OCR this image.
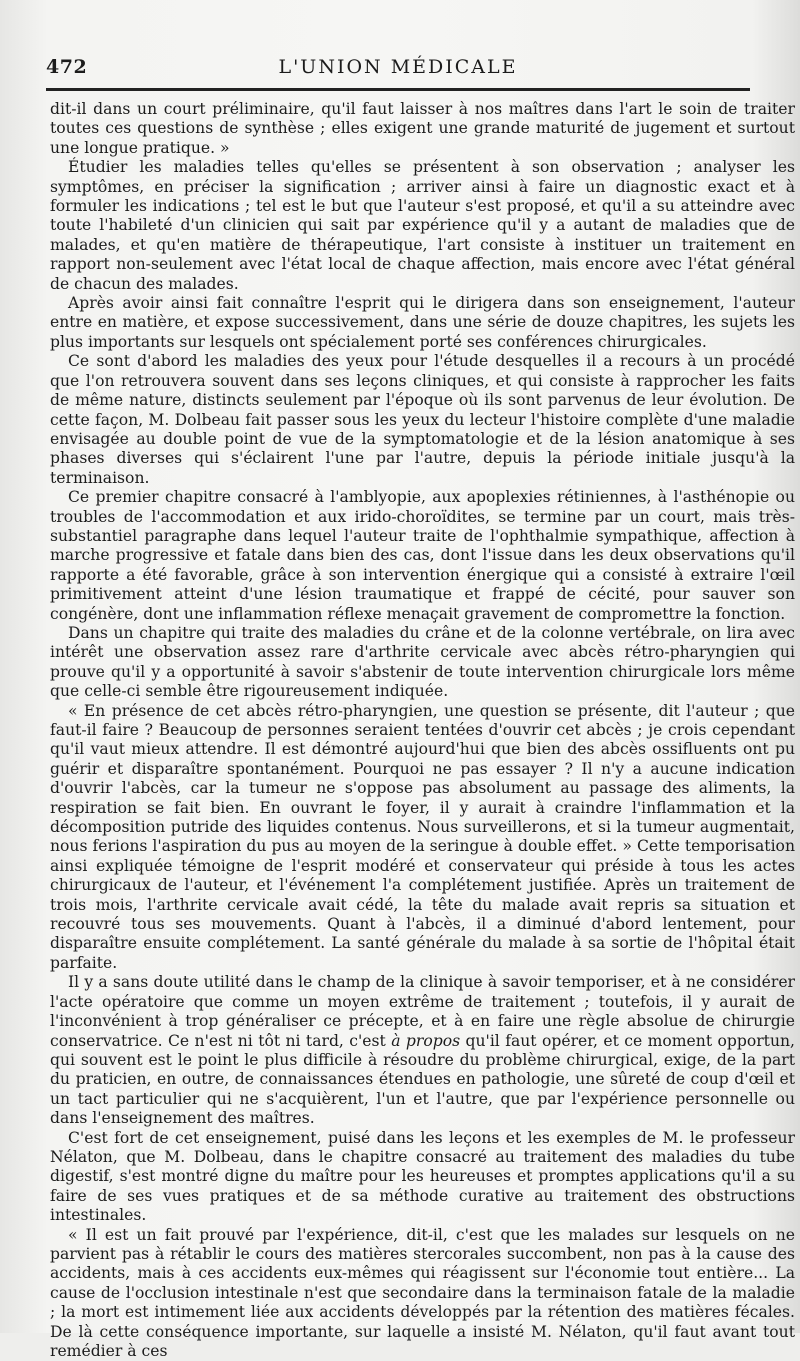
472	L'UNION MÉDICALE

dit-il dans un court préliminaire, qu'il faut laisser à nos maîtres dans l'art le soin de traiter toutes ces questions de synthèse ; elles exigent une grande maturité de jugement et surtout une longue pratique. »

Étudier les maladies telles qu'elles se présentent à son observation ; analyser les symptômes, en préciser la signification ; arriver ainsi à faire un diagnostic exact et à formuler les indications ; tel est le but que l'auteur s'est proposé, et qu'il a su atteindre avec toute l'habileté d'un clinicien qui sait par expérience qu'il y a autant de maladies que de malades, et qu'en matière de thérapeutique, l'art consiste à instituer un traitement en rapport non-seulement avec l'état local de chaque affection, mais encore avec l'état général de chacun des malades.

Après avoir ainsi fait connaître l'esprit qui le dirigera dans son enseignement, l'auteur entre en matière, et expose successivement, dans une série de douze chapitres, les sujets les plus importants sur lesquels ont spécialement porté ses conférences chirurgicales.

Ce sont d'abord les maladies des yeux pour l'étude desquelles il a recours à un procédé que l'on retrouvera souvent dans ses leçons cliniques, et qui consiste à rapprocher les faits de même nature, distincts seulement par l'époque où ils sont parvenus de leur évolution. De cette façon, M. Dolbeau fait passer sous les yeux du lecteur l'histoire complète d'une maladie envisagée au double point de vue de la symptomatologie et de la lésion anatomique à ses phases diverses qui s'éclairent l'une par l'autre, depuis la période initiale jusqu'à la terminaison.

Ce premier chapitre consacré à l'amblyopie, aux apoplexies rétiniennes, à l'asthénopie ou troubles de l'accommodation et aux irido-choroïdites, se termine par un court, mais très-substantiel paragraphe dans lequel l'auteur traite de l'ophthalmie sympathique, affection à marche progressive et fatale dans bien des cas, dont l'issue dans les deux observations qu'il rapporte a été favorable, grâce à son intervention énergique qui a consisté à extraire l'œil primitivement atteint d'une lésion traumatique et frappé de cécité, pour sauver son congénère, dont une inflammation réflexe menaçait gravement de compromettre la fonction.

Dans un chapitre qui traite des maladies du crâne et de la colonne vertébrale, on lira avec intérêt une observation assez rare d'arthrite cervicale avec abcès rétro-pharyngien qui prouve qu'il y a opportunité à savoir s'abstenir de toute intervention chirurgicale lors même que celle-ci semble être rigoureusement indiquée.

« En présence de cet abcès rétro-pharyngien, une question se présente, dit l'auteur ; que faut-il faire ? Beaucoup de personnes seraient tentées d'ouvrir cet abcès ; je crois cependant qu'il vaut mieux attendre. Il est démontré aujourd'hui que bien des abcès ossifluents ont pu guérir et disparaître spontanément. Pourquoi ne pas essayer ? Il n'y a aucune indication d'ouvrir l'abcès, car la tumeur ne s'oppose pas absolument au passage des aliments, la respiration se fait bien. En ouvrant le foyer, il y aurait à craindre l'inflammation et la décomposition putride des liquides contenus. Nous surveillerons, et si la tumeur augmentait, nous ferions l'aspiration du pus au moyen de la seringue à double effet. » Cette temporisation ainsi expliquée témoigne de l'esprit modéré et conservateur qui préside à tous les actes chirurgicaux de l'auteur, et l'événement l'a complétement justifiée. Après un traitement de trois mois, l'arthrite cervicale avait cédé, la tête du malade avait repris sa situation et recouvré tous ses mouvements. Quant à l'abcès, il a diminué d'abord lentement, pour disparaître ensuite complétement. La santé générale du malade à sa sortie de l'hôpital était parfaite.

Il y a sans doute utilité dans le champ de la clinique à savoir temporiser, et à ne considérer l'acte opératoire que comme un moyen extrême de traitement ; toutefois, il y aurait de l'inconvénient à trop généraliser ce précepte, et à en faire une règle absolue de chirurgie conservatrice. Ce n'est ni tôt ni tard, c'est à propos qu'il faut opérer, et ce moment opportun, qui souvent est le point le plus difficile à résoudre du problème chirurgical, exige, de la part du praticien, en outre, de connaissances étendues en pathologie, une sûreté de coup d'œil et un tact particulier qui ne s'acquièrent, l'un et l'autre, que par l'expérience personnelle ou dans l'enseignement des maîtres.

C'est fort de cet enseignement, puisé dans les leçons et les exemples de M. le professeur Nélaton, que M. Dolbeau, dans le chapitre consacré au traitement des maladies du tube digestif, s'est montré digne du maître pour les heureuses et promptes applications qu'il a su faire de ses vues pratiques et de sa méthode curative au traitement des obstructions intestinales.

« Il est un fait prouvé par l'expérience, dit-il, c'est que les malades sur lesquels on ne parvient pas à rétablir le cours des matières stercorales succombent, non pas à la cause des accidents, mais à ces accidents eux-mêmes qui réagissent sur l'économie tout entière... La cause de l'occlusion intestinale n'est que secondaire dans la terminaison fatale de la maladie ; la mort est intimement liée aux accidents développés par la rétention des matières fécales. De là cette conséquence importante, sur laquelle a insisté M. Nélaton, qu'il faut avant tout remédier à ces
